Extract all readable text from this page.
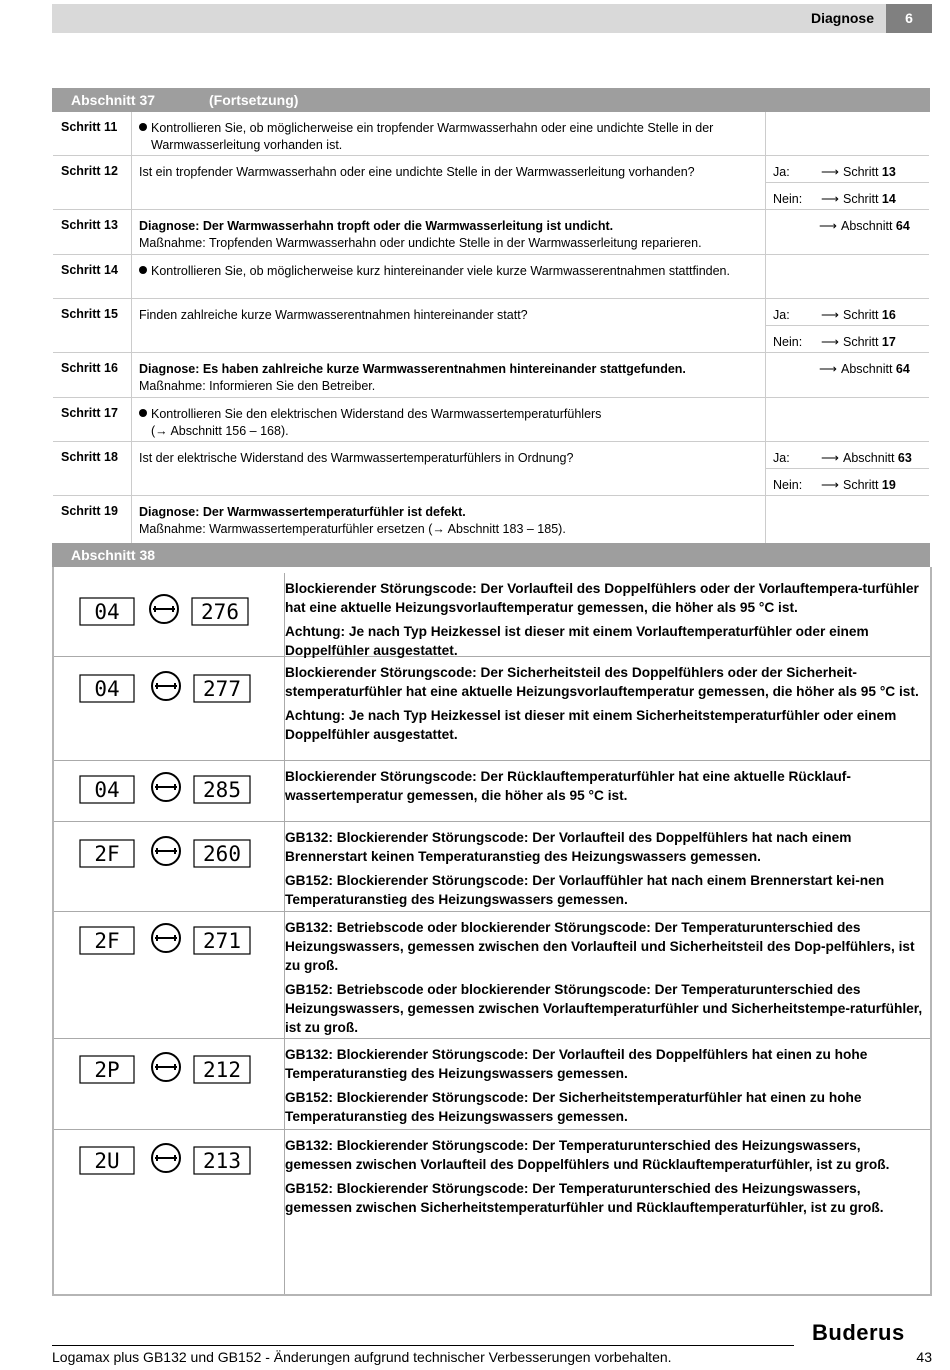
Diagnose	6
Abschnitt 37	(Fortsetzung)
Schritt 11	Kontrollieren Sie, ob möglicherweise ein tropfender Warmwasserhahn oder eine undichte Stelle in der Warmwasserleitung vorhanden ist.
Schritt 12 Ist ein tropfender Warmwasserhahn oder eine undichte Stelle in der Warmwasserleitung vorhanden?	Ja:	⟶ Schritt 13
Nein: ⟶ Schritt 14
Schritt 13 Diagnose: Der Warmwasserhahn tropft oder die Warmwasserleitung ist undicht.
Maßnahme: Tropfenden Warmwasserhahn oder undichte Stelle in der Warmwasserleitung reparieren.
⟶ Abschnitt 64
Schritt 14	Kontrollieren Sie, ob möglicherweise kurz hintereinander viele kurze Warmwasserentnahmen stattfinden.
Schritt 15 Finden zahlreiche kurze Warmwasserentnahmen hintereinander statt?	Ja:	⟶ Schritt 16
Nein: ⟶ Schritt 17
Schritt 16 Diagnose: Es haben zahlreiche kurze Warmwasserentnahmen hintereinander stattgefunden.
Maßnahme: Informieren Sie den Betreiber.
⟶ Abschnitt 64
Schritt 17	Kontrollieren Sie den elektrischen Widerstand des Warmwassertemperaturfühlers
(→ Abschnitt 156 – 168).
Schritt 18 Ist der elektrische Widerstand des Warmwassertemperaturfühlers in Ordnung?	Ja:	⟶ Abschnitt 63
Nein: ⟶ Schritt 19
Schritt 19 Diagnose: Der Warmwassertemperaturfühler ist defekt.
Maßnahme: Warmwassertemperaturfühler ersetzen (→ Abschnitt 183 – 185).
Abschnitt 38
04	276

Blockierender Störungscode: Der Vorlaufteil des Doppelfühlers oder der Vorlauftempera-turfühler hat eine aktuelle Heizungsvorlauftemperatur gemessen, die höher als 95 °C ist.

Achtung: Je nach Typ Heizkessel ist dieser mit einem Vorlauftemperaturfühler oder einem Doppelfühler ausgestattet.

04	277

Blockierender Störungscode: Der Sicherheitsteil des Doppelfühlers oder der Sicherheit-stemperaturfühler hat eine aktuelle Heizungsvorlauftemperatur gemessen, die höher als 95 °C ist.

Achtung: Je nach Typ Heizkessel ist dieser mit einem Sicherheitstemperaturfühler oder einem Doppelfühler ausgestattet.

04	285

Blockierender Störungscode: Der Rücklauftemperaturfühler hat eine aktuelle Rücklauf-wassertemperatur gemessen, die höher als 95 °C ist.

2F	260

GB132: Blockierender Störungscode: Der Vorlaufteil des Doppelfühlers hat nach einem Brennerstart keinen Temperaturanstieg des Heizungswassers gemessen.

GB152: Blockierender Störungscode: Der Vorlauffühler hat nach einem Brennerstart kei-nen Temperaturanstieg des Heizungswassers gemessen.

2F	271

GB132: Betriebscode oder blockierender Störungscode: Der Temperaturunterschied des Heizungswassers, gemessen zwischen den Vorlaufteil und Sicherheitsteil des Dop-pelfühlers, ist zu groß.

GB152: Betriebscode oder blockierender Störungscode: Der Temperaturunterschied des Heizungswassers, gemessen zwischen Vorlauftemperaturfühler und Sicherheitstempe-raturfühler, ist zu groß.

2P	212

GB132: Blockierender Störungscode: Der Vorlaufteil des Doppelfühlers hat einen zu hohe Temperaturanstieg des Heizungswassers gemessen.

GB152: Blockierender Störungscode: Der Sicherheitstemperaturfühler hat einen zu hohe Temperaturanstieg des Heizungswassers gemessen.

2U	213

GB132: Blockierender Störungscode: Der Temperaturunterschied des Heizungswassers, gemessen zwischen Vorlaufteil des Doppelfühlers und Rücklauftemperaturfühler, ist zu groß.

GB152: Blockierender Störungscode: Der Temperaturunterschied des Heizungswassers, gemessen zwischen Sicherheitstemperaturfühler und Rücklauftemperaturfühler, ist zu groß.

Buderus
Logamax plus GB132 und GB152 - Änderungen aufgrund technischer Verbesserungen vorbehalten.	43
